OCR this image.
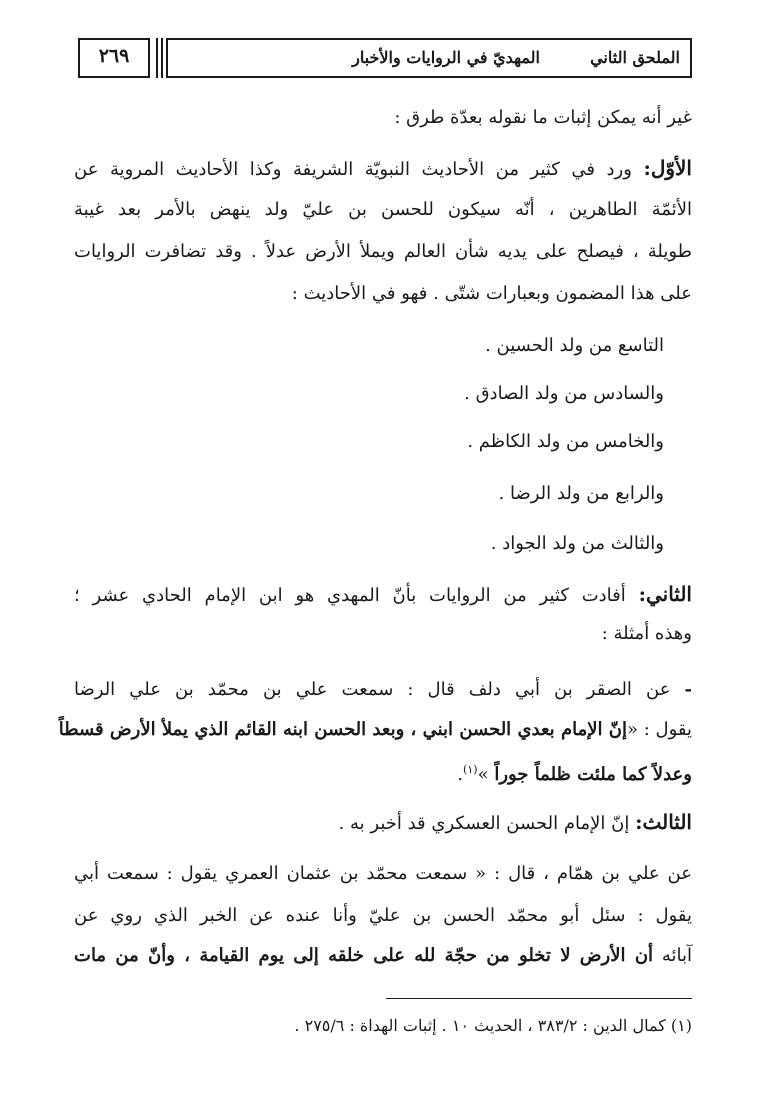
الملحق الثاني
المهديّ في الروايات والأخبار
٢٦٩
غير أنه يمكن إثبات ما نقوله بعدّة طرق :
الأوّل: ورد في كثير من الأحاديث النبويّة الشريفة وكذا الأحاديث المروية عن
الأئمّة الطاهرين ، أنّه سيكون للحسن بن عليّ ولد ينهض بالأمر بعد غيبة
طويلة ، فيصلح على يديه شأن العالم ويملأ الأرض عدلاً . وقد تضافرت الروايات
على هذا المضمون وبعبارات شتّى . فهو في الأحاديث :
التاسع من ولد الحسين .
والسادس من ولد الصادق .
والخامس من ولد الكاظم .
والرابع من ولد الرضا .
والثالث من ولد الجواد .
الثاني: أفادت كثير من الروايات بأنّ المهدي هو ابن الإمام الحادي عشر ؛
وهذه أمثلة :
- عن الصقر بن أبي دلف قال : سمعت علي بن محمّد بن علي الرضا
يقول : «إنّ الإمام بعدي الحسن ابني ، وبعد الحسن ابنه القائم الذي يملأ الأرض قسطاً
وعدلاً كما ملئت ظلماً جوراً »$^{(١)}$.
الثالث: إنّ الإمام الحسن العسكري قد أخبر به .
عن علي بن همّام ، قال : « سمعت محمّد بن عثمان العمري يقول : سمعت أبي
يقول : سئل أبو محمّد الحسن بن عليّ وأنا عنده عن الخبر الذي روي عن
آبائه أن الأرض لا تخلو من حجّة لله على خلقه إلى يوم القيامة ، وأنّ من مات
(١) كمال الدين : ٣٨٣/٢ ، الحديث ١٠ . إثبات الهداة : ٢٧٥/٦ .
